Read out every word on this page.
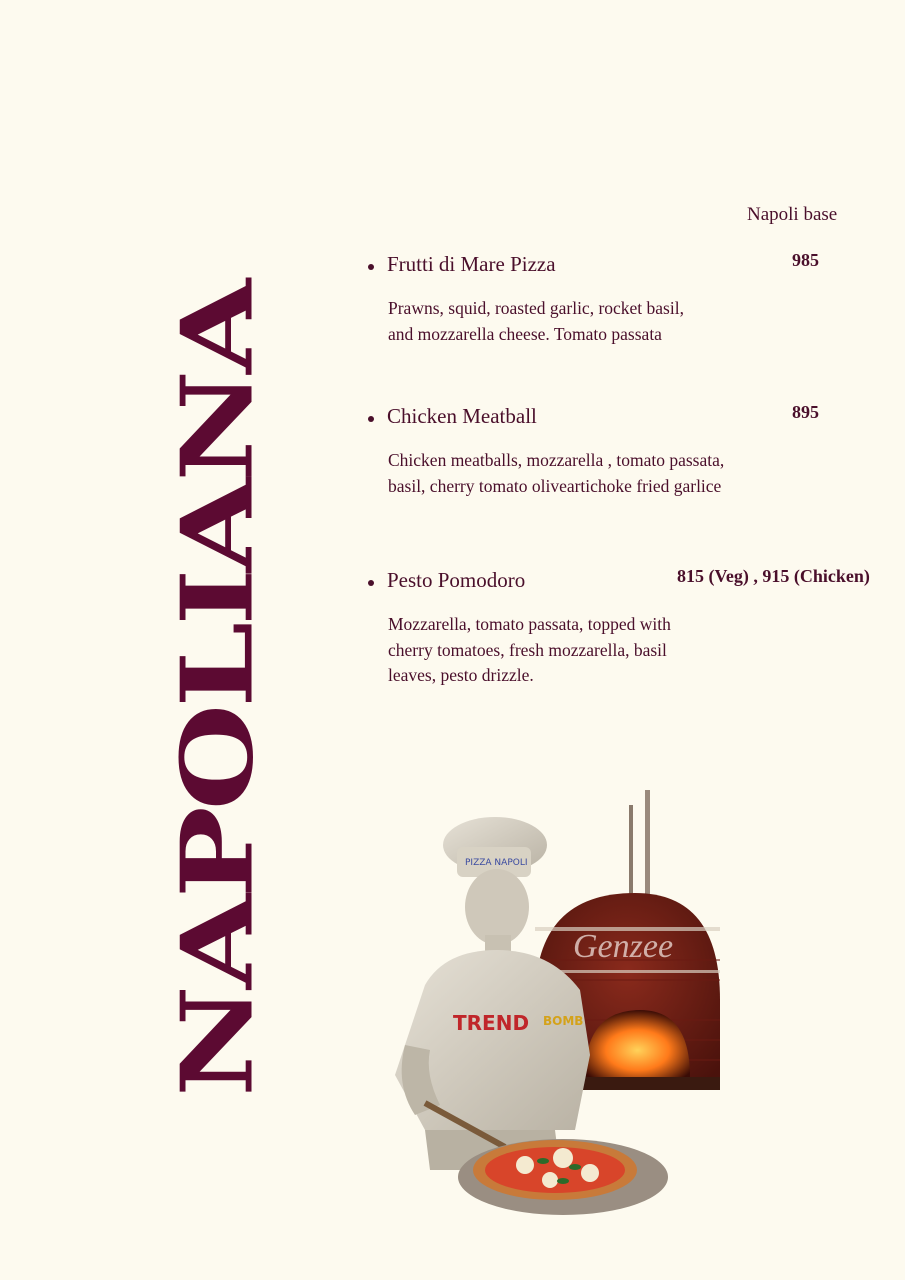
NAPOLIANA
Napoli base
Frutti di Mare Pizza	985
Prawns, squid, roasted garlic, rocket basil, and mozzarella cheese. Tomato passata
Chicken Meatball	895
Chicken meatballs, mozzarella , tomato passata, basil, cherry tomato oliveartichoke fried garlice
Pesto Pomodoro	815 (Veg) , 915 (Chicken)
Mozzarella, tomato passata, topped with cherry tomatoes, fresh mozzarella, basil leaves, pesto drizzle.
Genzee
PIZZA NAPOLI
TREND BOMB
